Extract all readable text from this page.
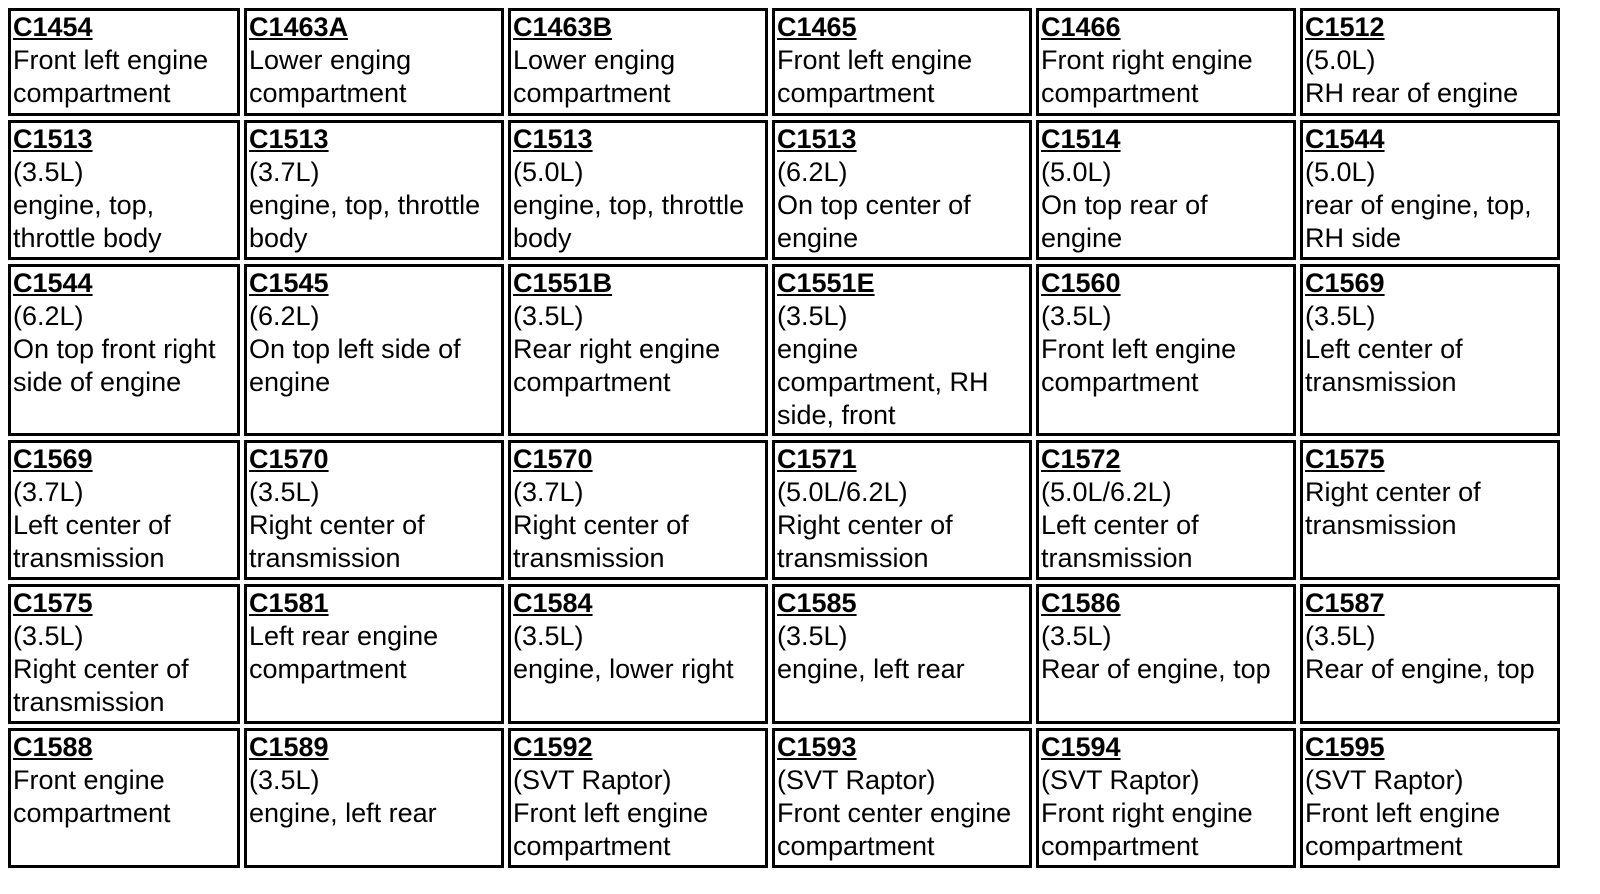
C1454
Front left engine compartment	C1463A
Lower enging compartment	C1463B
Lower enging compartment	C1465
Front left engine compartment	C1466
Front right engine compartment	C1512
(5.0L)
RH rear of engine

C1513
(3.5L)
engine, top, throttle body	C1513
(3.7L)
engine, top, throttle body	C1513
(5.0L)
engine, top, throttle body	C1513
(6.2L)
On top center of engine	C1514
(5.0L)
On top rear of engine	C1544
(5.0L)
rear of engine, top, RH side

C1544
(6.2L)
On top front right side of engine	C1545
(6.2L)
On top left side of engine	C1551B
(3.5L)
Rear right engine compartment	C1551E
(3.5L)
engine compartment, RH side, front	C1560
(3.5L)
Front left engine compartment	C1569
(3.5L)
Left center of transmission

C1569
(3.7L)
Left center of transmission	C1570
(3.5L)
Right center of transmission	C1570
(3.7L)
Right center of transmission	C1571
(5.0L/6.2L)
Right center of transmission	C1572
(5.0L/6.2L)
Left center of transmission	C1575
Right center of transmission

C1575
(3.5L)
Right center of transmission	C1581
Left rear engine compartment	C1584
(3.5L)
engine, lower right	C1585
(3.5L)
engine, left rear	C1586
(3.5L)
Rear of engine, top	C1587
(3.5L)
Rear of engine, top

C1588
Front engine compartment	C1589
(3.5L)
engine, left rear	C1592
(SVT Raptor)
Front left engine compartment	C1593
(SVT Raptor)
Front center engine compartment	C1594
(SVT Raptor)
Front right engine compartment	C1595
(SVT Raptor)
Front left engine compartment
